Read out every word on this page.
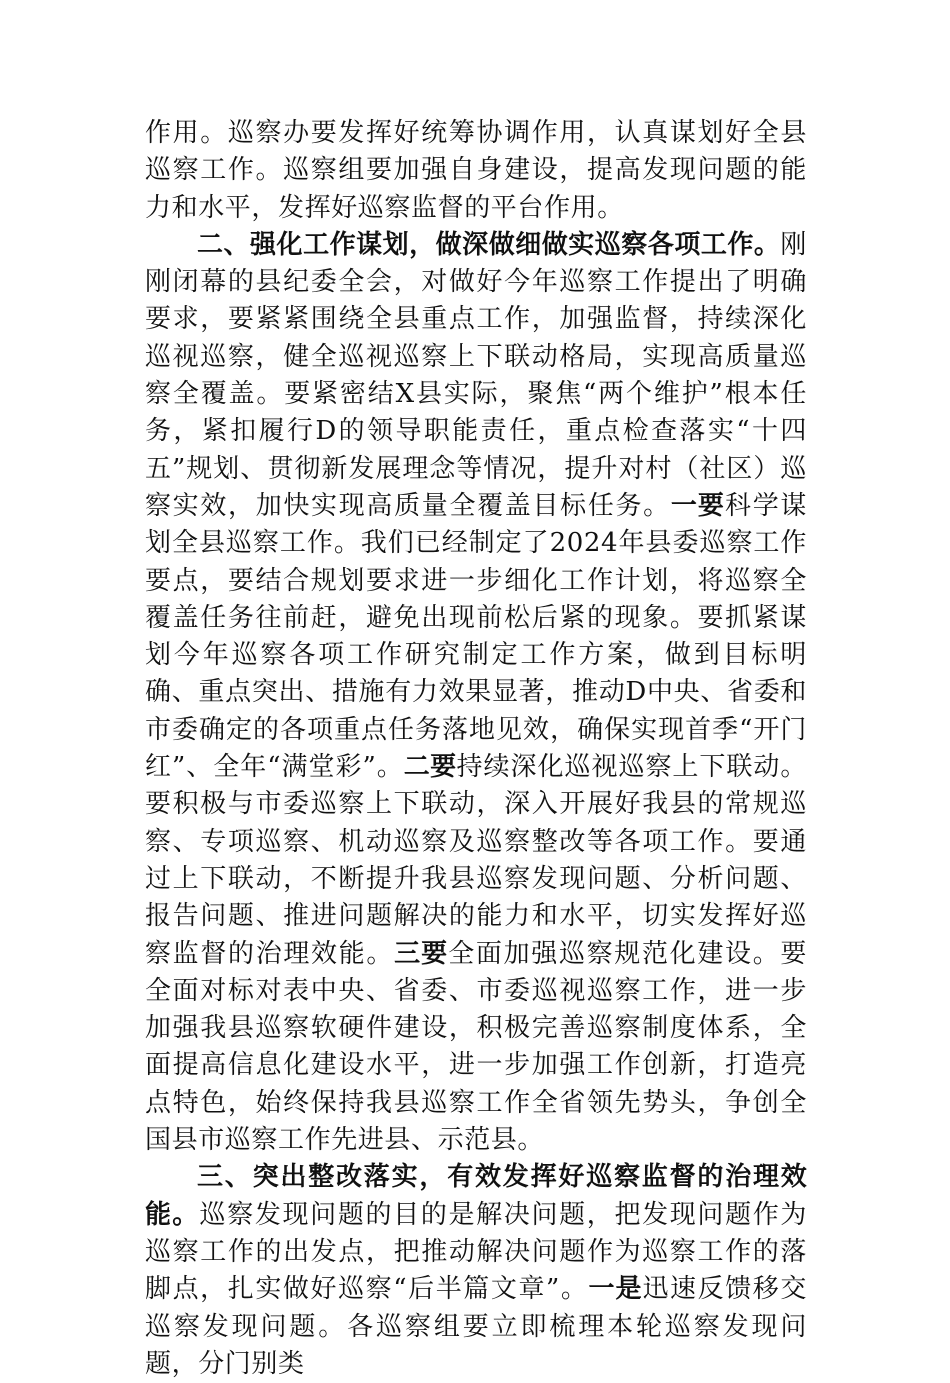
作用。巡察办要发挥好统筹协调作用，认真谋划好全县巡察工作。巡察组要加强自身建设，提高发现问题的能力和水平，发挥好巡察监督的平台作用。

二、强化工作谋划，做深做细做实巡察各项工作。刚刚闭幕的县纪委全会，对做好今年巡察工作提出了明确要求，要紧紧围绕全县重点工作，加强监督，持续深化巡视巡察，健全巡视巡察上下联动格局，实现高质量巡察全覆盖。要紧密结X县实际，聚焦“两个维护”根本任务，紧扣履行D的领导职能责任，重点检查落实“十四五”规划、贯彻新发展理念等情况，提升对村（社区）巡察实效，加快实现高质量全覆盖目标任务。一要科学谋划全县巡察工作。我们已经制定了2024年县委巡察工作要点，要结合规划要求进一步细化工作计划，将巡察全覆盖任务往前赶，避免出现前松后紧的现象。要抓紧谋划今年巡察各项工作研究制定工作方案，做到目标明确、重点突出、措施有力效果显著，推动D中央、省委和市委确定的各项重点任务落地见效，确保实现首季“开门红”、全年“满堂彩”。二要持续深化巡视巡察上下联动。要积极与市委巡察上下联动，深入开展好我县的常规巡察、专项巡察、机动巡察及巡察整改等各项工作。要通过上下联动，不断提升我县巡察发现问题、分析问题、报告问题、推进问题解决的能力和水平，切实发挥好巡察监督的治理效能。三要全面加强巡察规范化建设。要全面对标对表中央、省委、市委巡视巡察工作，进一步加强我县巡察软硬件建设，积极完善巡察制度体系，全面提高信息化建设水平，进一步加强工作创新，打造亮点特色，始终保持我县巡察工作全省领先势头，争创全国县市巡察工作先进县、示范县。

三、突出整改落实，有效发挥好巡察监督的治理效能。巡察发现问题的目的是解决问题，把发现问题作为巡察工作的出发点，把推动解决问题作为巡察工作的落脚点，扎实做好巡察“后半篇文章”。一是迅速反馈移交巡察发现问题。各巡察组要立即梳理本轮巡察发现问题，分门别类
